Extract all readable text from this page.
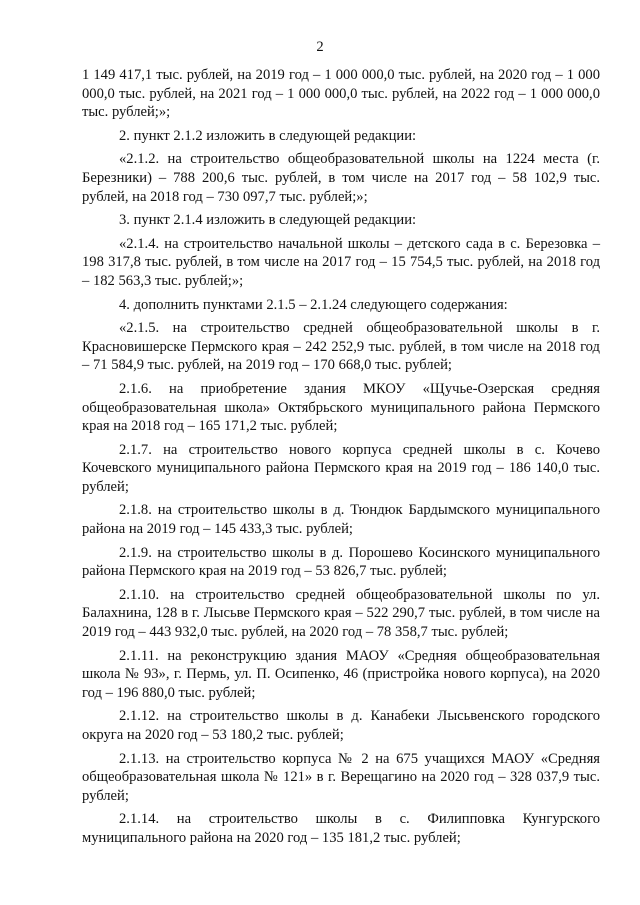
2

1 149 417,1 тыс. рублей, на 2019 год – 1 000 000,0 тыс. рублей, на 2020 год – 1 000 000,0 тыс. рублей, на 2021 год – 1 000 000,0 тыс. рублей, на 2022 год – 1 000 000,0 тыс. рублей;»;

2. пункт 2.1.2 изложить в следующей редакции:

«2.1.2. на строительство общеобразовательной школы на 1224 места (г. Березники) – 788 200,6 тыс. рублей, в том числе на 2017 год – 58 102,9 тыс. рублей, на 2018 год – 730 097,7 тыс. рублей;»;

3. пункт 2.1.4 изложить в следующей редакции:

«2.1.4. на строительство начальной школы – детского сада в с. Березовка – 198 317,8 тыс. рублей, в том числе на 2017 год – 15 754,5 тыс. рублей, на 2018 год – 182 563,3 тыс. рублей;»;

4. дополнить пунктами 2.1.5 – 2.1.24 следующего содержания:

«2.1.5. на строительство средней общеобразовательной школы в г. Красновишерске Пермского края – 242 252,9 тыс. рублей, в том числе на 2018 год – 71 584,9 тыс. рублей, на 2019 год – 170 668,0 тыс. рублей;

2.1.6. на приобретение здания МКОУ «Щучье-Озерская средняя общеобразовательная школа» Октябрьского муниципального района Пермского края на 2018 год – 165 171,2 тыс. рублей;

2.1.7. на строительство нового корпуса средней школы в с. Кочево Кочевского муниципального района Пермского края на 2019 год – 186 140,0 тыс. рублей;

2.1.8. на строительство школы в д. Тюндюк Бардымского муниципального района на 2019 год – 145 433,3 тыс. рублей;

2.1.9. на строительство школы в д. Порошево Косинского муниципального района Пермского края на 2019 год – 53 826,7 тыс. рублей;

2.1.10. на строительство средней общеобразовательной школы по ул. Балахнина, 128 в г. Лысьве Пермского края – 522 290,7 тыс. рублей, в том числе на 2019 год – 443 932,0 тыс. рублей, на 2020 год – 78 358,7 тыс. рублей;

2.1.11. на реконструкцию здания МАОУ «Средняя общеобразовательная школа № 93», г. Пермь, ул. П. Осипенко, 46 (пристройка нового корпуса), на 2020 год – 196 880,0 тыс. рублей;

2.1.12. на строительство школы в д. Канабеки Лысьвенского городского округа на 2020 год – 53 180,2 тыс. рублей;

2.1.13. на строительство корпуса № 2 на 675 учащихся МАОУ «Средняя общеобразовательная школа № 121» в г. Верещагино на 2020 год – 328 037,9 тыс. рублей;

2.1.14. на строительство школы в с. Филипповка Кунгурского муниципального района на 2020 год – 135 181,2 тыс. рублей;
